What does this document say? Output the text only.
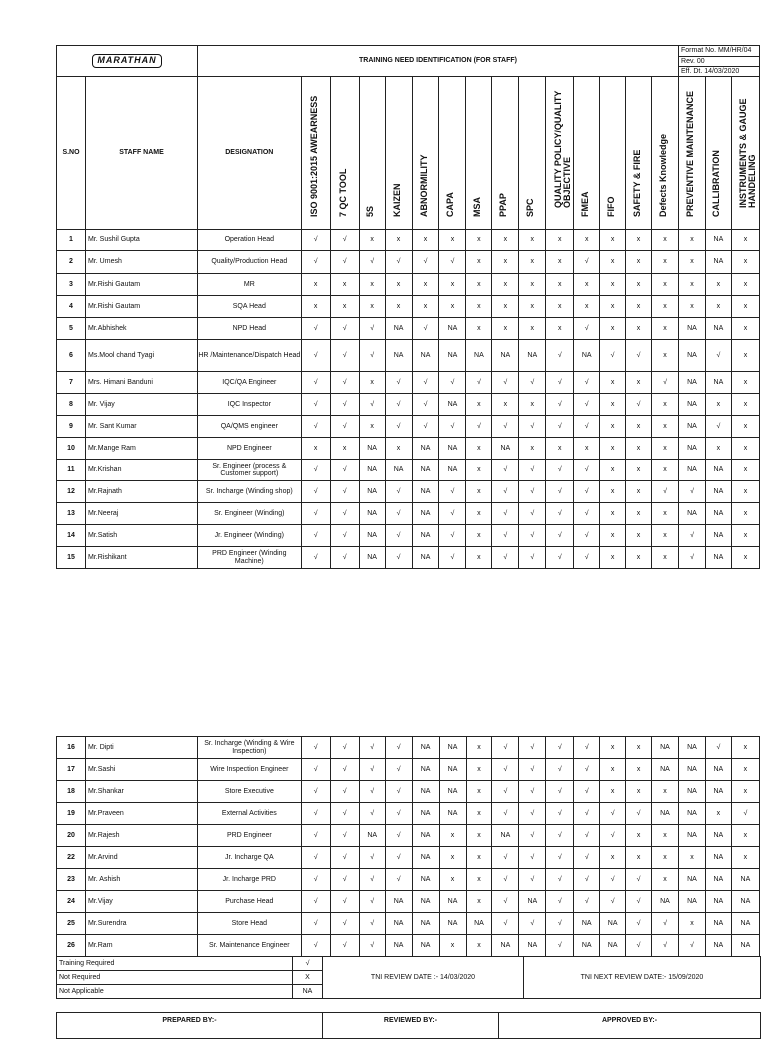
MARATHAN		TRAINING NEED IDENTIFICATION (FOR STAFF)															Format No. MM/HR/04		
																	Rev. 00		
																	Eff. Dt. 14/03/2020		
S.NO	STAFF NAME	DESIGNATION	ISO 9001:2015 AWEARNESS	7 QC TOOL	5S	KAIZEN	ABNORMILITY	CAPA	MSA	PPAP	SPC	QUALITY POLICY/QUALITY OBJECTIVE	FMEA	FIFO	SAFETY & FIRE	Defects Knowledge	PREVENTIVE MAINTENANCE	CALLIBRATION	INSTRUMENTS & GAUGE HANDELING

1	Mr. Sushil Gupta	Operation Head	√	√	x	x	x	x	x	x	x	x	x	x	x	x	x	NA	x
2	Mr. Umesh	Quality/Production Head	√	√	√	√	√	√	x	x	x	x	√	x	x	x	x	NA	x
3	Mr.Rishi Gautam	MR	x	x	x	x	x	x	x	x	x	x	x	x	x	x	x	x	x
4	Mr.Rishi Gautam	SQA Head	x	x	x	x	x	x	x	x	x	x	x	x	x	x	x	x	x
5	Mr.Abhishek	NPD Head	√	√	√	NA	√	NA	x	x	x	x	√	x	x	x	NA	NA	x
6	Ms.Mool chand Tyagi	HR /Maintenance/Dispatch Head	√	√	√	NA	NA	NA	NA	NA	NA	√	NA	√	√	x	NA	√	x
7	Mrs. Himani Banduni	IQC/QA Engineer	√	√	x	√	√	√	√	√	√	√	√	x	x	√	NA	NA	x
8	Mr. Vijay	IQC Inspector	√	√	√	√	√	NA	x	x	x	√	√	x	√	x	NA	x	x
9	Mr. Sant Kumar	QA/QMS engineer	√	√	x	√	√	√	√	√	√	√	√	x	x	x	NA	√	x
10	Mr.Mange Ram	NPD Engineer	x	x	NA	x	NA	NA	x	NA	x	x	x	x	x	x	NA	x	x
11	Mr.Krishan	Sr. Engineer (process & Customer support)	√	√	NA	NA	NA	NA	x	√	√	√	√	x	x	x	NA	NA	x
12	Mr.Rajnath	Sr. Incharge (Winding shop)	√	√	NA	√	NA	√	x	√	√	√	√	x	x	√	√	NA	x
13	Mr.Neeraj	Sr. Engineer (Winding)	√	√	NA	√	NA	√	x	√	√	√	√	x	x	x	NA	NA	x
14	Mr.Satish	Jr. Engineer (Winding)	√	√	NA	√	NA	√	x	√	√	√	√	x	x	x	√	NA	x
15	Mr.Rishikant	PRD Engineer (Winding Machine)	√	√	NA	√	NA	√	x	√	√	√	√	x	x	x	√	NA	x
16	Mr. Dipti	Sr. Incharge (Winding & Wire Inspection)	√	√	√	√	NA	NA	x	√	√	√	√	x	x	NA	NA	√	x
17	Mr.Sashi	Wire Inspection Engineer	√	√	√	√	NA	NA	x	√	√	√	√	x	x	NA	NA	NA	x
18	Mr.Shankar	Store Executive	√	√	√	√	NA	NA	x	√	√	√	√	x	x	x	NA	NA	x
19	Mr.Praveen	External Activities	√	√	√	√	NA	NA	x	√	√	√	√	√	√	NA	NA	x	√
20	Mr.Rajesh	PRD Engineer	√	√	NA	√	NA	x	x	NA	√	√	√	√	x	x	NA	NA	x
22	Mr.Arvind	Jr. Incharge QA	√	√	√	√	NA	x	x	√	√	√	√	x	x	x	x	NA	x
23	Mr. Ashish	Jr. Incharge PRD	√	√	√	√	NA	x	x	√	√	√	√	√	√	x	NA	NA	NA
24	Mr.Vijay	Purchase Head	√	√	√	NA	NA	NA	x	√	NA	√	√	√	√	NA	NA	NA	NA
25	Mr.Surendra	Store Head	√	√	√	NA	NA	NA	NA	√	√	√	NA	NA	√	√	x	NA	NA
26	Mr.Ram	Sr. Maintenance Engineer	√	√	√	NA	NA	x	x	NA	NA	√	NA	NA	√	√	√	NA	NA
Training Required	√	TNI REVIEW DATE :- 14/03/2020	TNI NEXT REVIEW DATE:- 15/09/2020
Not Required	X		
Not Applicable	NA		
PREPARED BY:-	REVIEWED BY:-	APPROVED BY:-
